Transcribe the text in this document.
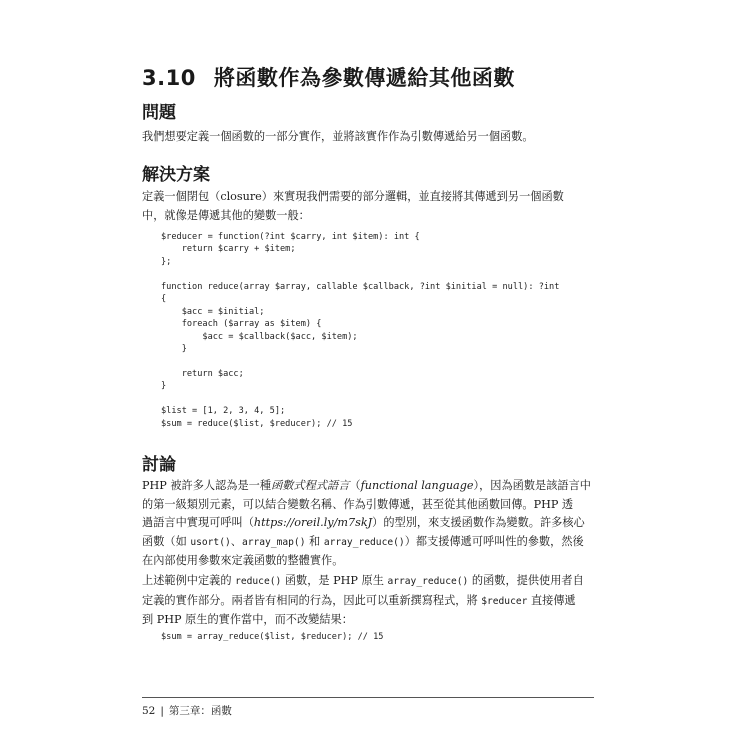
3.10 將函數作為參數傳遞給其他函數
問題

我們想要定義一個函數的一部分實作，並將該實作作為引數傳遞給另一個函數。

解決方案

定義一個閉包（closure）來實現我們需要的部分邏輯，並直接將其傳遞到另一個函數

中，就像是傳遞其他的變數一般：

$reducer = function(?int $carry, int $item): int {
return $carry + $item;
};

function reduce(array $array, callable $callback, ?int $initial = null): ?int
{
$acc = $initial;
foreach ($array as $item) {
$acc = $callback($acc, $item);
}

return $acc;
}

$list = [1, 2, 3, 4, 5];
$sum = reduce($list, $reducer); // 15
討論

PHP 被許多人認為是一種函數式程式語言（functional language），因為函數是該語言中

的第一級類別元素，可以結合變數名稱、作為引數傳遞，甚至從其他函數回傳。PHP 透

過語言中實現可呼叫（https://oreil.ly/m7skJ）的型別，來支援函數作為變數。許多核心

函數（如 usort()、array_map() 和 array_reduce()）都支援傳遞可呼叫性的參數，然後

在內部使用參數來定義函數的整體實作。

上述範例中定義的 reduce() 函數，是 PHP 原生 array_reduce() 的函數，提供使用者自

定義的實作部分。兩者皆有相同的行為，因此可以重新撰寫程式，將 $reducer 直接傳遞

到 PHP 原生的實作當中，而不改變結果：

$sum = array_reduce($list, $reducer); // 15
52 | 第三章：函數
